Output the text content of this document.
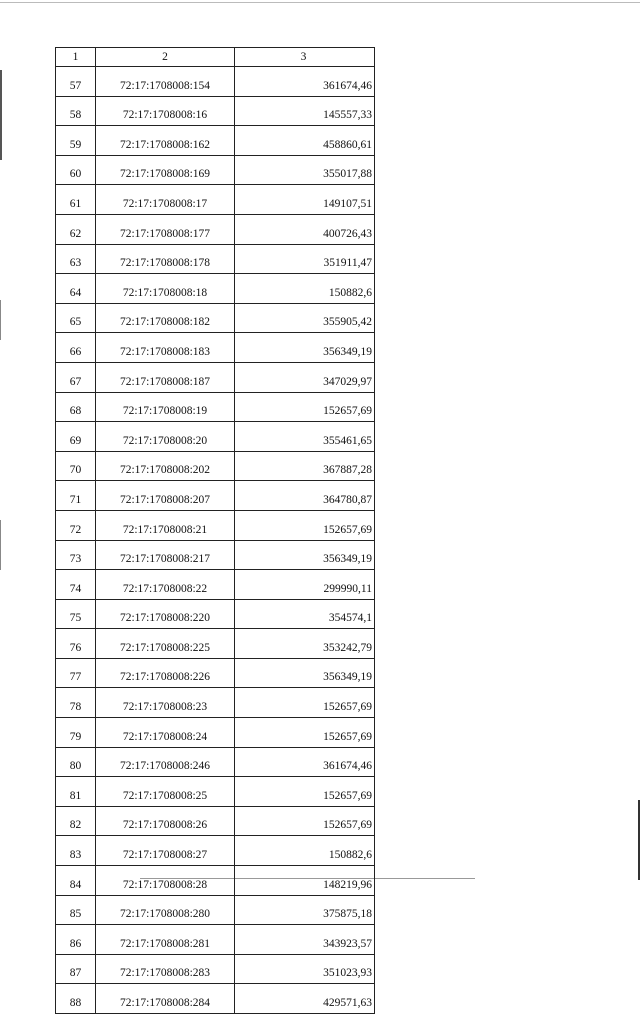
1	2	3
57	72:17:1708008:154	361674,46
58	72:17:1708008:16	145557,33
59	72:17:1708008:162	458860,61
60	72:17:1708008:169	355017,88
61	72:17:1708008:17	149107,51
62	72:17:1708008:177	400726,43
63	72:17:1708008:178	351911,47
64	72:17:1708008:18	150882,6
65	72:17:1708008:182	355905,42
66	72:17:1708008:183	356349,19
67	72:17:1708008:187	347029,97
68	72:17:1708008:19	152657,69
69	72:17:1708008:20	355461,65
70	72:17:1708008:202	367887,28
71	72:17:1708008:207	364780,87
72	72:17:1708008:21	152657,69
73	72:17:1708008:217	356349,19
74	72:17:1708008:22	299990,11
75	72:17:1708008:220	354574,1
76	72:17:1708008:225	353242,79
77	72:17:1708008:226	356349,19
78	72:17:1708008:23	152657,69
79	72:17:1708008:24	152657,69
80	72:17:1708008:246	361674,46
81	72:17:1708008:25	152657,69
82	72:17:1708008:26	152657,69
83	72:17:1708008:27	150882,6
84	72:17:1708008:28	148219,96
85	72:17:1708008:280	375875,18
86	72:17:1708008:281	343923,57
87	72:17:1708008:283	351023,93
88	72:17:1708008:284	429571,63
